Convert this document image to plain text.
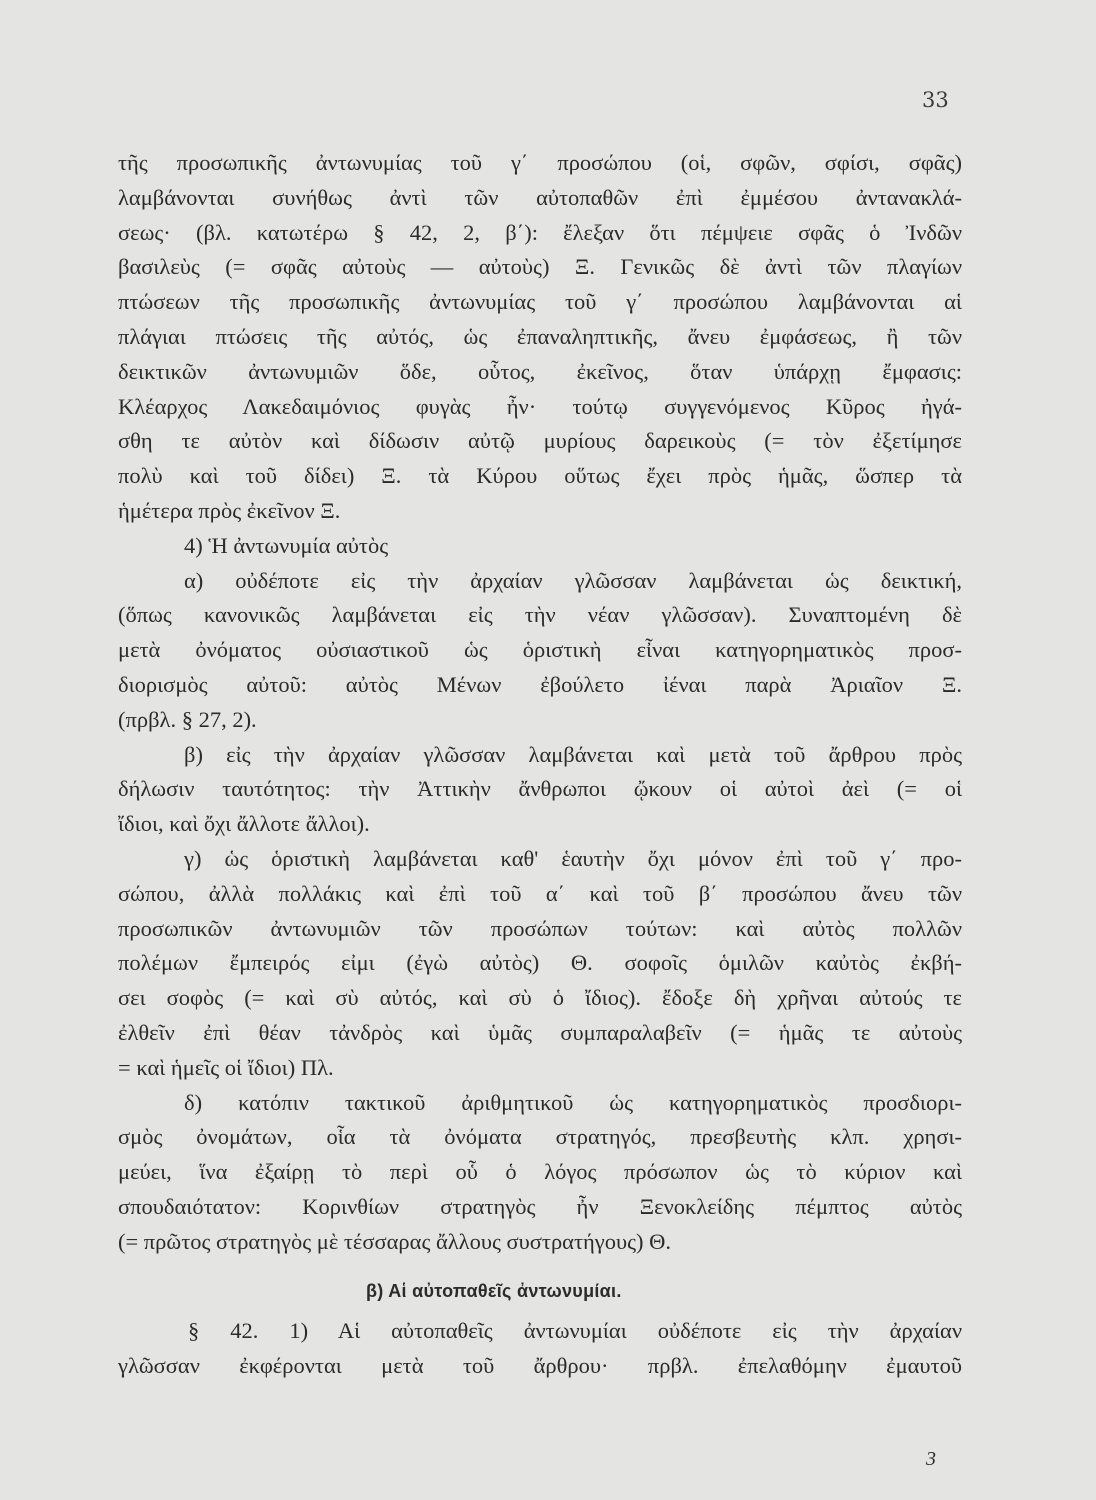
33
τῆς προσωπικῆς ἀντωνυμίας τοῦ γ΄ προσώπου (οἱ, σφῶν, σφίσι, σφᾶς)
λαμβάνονται συνήθως ἀντὶ τῶν αὐτοπαθῶν ἐπὶ ἐμμέσου ἀντανακλά-
σεως· (βλ. κατωτέρω § 42, 2, β΄): ἔλεξαν ὅτι πέμψειε σφᾶς ὁ Ἰνδῶν
βασιλεὺς (= σφᾶς αὐτοὺς — αὐτοὺς) Ξ. Γενικῶς δὲ ἀντὶ τῶν πλαγίων
πτώσεων τῆς προσωπικῆς ἀντωνυμίας τοῦ γ΄ προσώπου λαμβάνονται αἱ
πλάγιαι πτώσεις τῆς αὐτός, ὡς ἐπαναληπτικῆς, ἄνευ ἐμφάσεως, ἢ τῶν
δεικτικῶν ἀντωνυμιῶν ὅδε, οὗτος, ἐκεῖνος, ὅταν ὑπάρχῃ ἔμφασις:
Κλέαρχος Λακεδαιμόνιος φυγὰς ἦν· τούτῳ συγγενόμενος Κῦρος ἠγά-
σθη τε αὐτὸν καὶ δίδωσιν αὐτῷ μυρίους δαρεικοὺς (= τὸν ἐξετίμησε
πολὺ καὶ τοῦ δίδει) Ξ. τὰ Κύρου οὕτως ἔχει πρὸς ἡμᾶς, ὥσπερ τὰ
ἡμέτερα πρὸς ἐκεῖνον Ξ.
4) Ἡ ἀντωνυμία αὐτὸς
α) οὐδέποτε εἰς τὴν ἀρχαίαν γλῶσσαν λαμβάνεται ὡς δεικτική,
(ὅπως κανονικῶς λαμβάνεται εἰς τὴν νέαν γλῶσσαν). Συναπτομένη δὲ
μετὰ ὀνόματος οὐσιαστικοῦ ὡς ὁριστικὴ εἶναι κατηγορηματικὸς προσ-
διορισμὸς αὐτοῦ: αὐτὸς Μένων ἐβούλετο ἰέναι παρὰ Ἀριαῖον Ξ.
(πρβλ. § 27, 2).
β) εἰς τὴν ἀρχαίαν γλῶσσαν λαμβάνεται καὶ μετὰ τοῦ ἄρθρου πρὸς
δήλωσιν ταυτότητος: τὴν Ἀττικὴν ἄνθρωποι ᾤκουν οἱ αὐτοὶ ἀεὶ (= οἱ
ἴδιοι, καὶ ὄχι ἄλλοτε ἄλλοι).
γ) ὡς ὁριστικὴ λαμβάνεται καθ' ἑαυτὴν ὄχι μόνον ἐπὶ τοῦ γ΄ προ-
σώπου, ἀλλὰ πολλάκις καὶ ἐπὶ τοῦ α΄ καὶ τοῦ β΄ προσώπου ἄνευ τῶν
προσωπικῶν ἀντωνυμιῶν τῶν προσώπων τούτων: καὶ αὐτὸς πολλῶν
πολέμων ἔμπειρός εἰμι (ἐγὼ αὐτὸς) Θ. σοφοῖς ὁμιλῶν καὐτὸς ἐκβή-
σει σοφὸς (= καὶ σὺ αὐτός, καὶ σὺ ὁ ἴδιος). ἔδοξε δὴ χρῆναι αὐτούς τε
ἐλθεῖν ἐπὶ θέαν τἀνδρὸς καὶ ὑμᾶς συμπαραλαβεῖν (= ἡμᾶς τε αὐτοὺς
= καὶ ἡμεῖς οἱ ἴδιοι) Πλ.
δ) κατόπιν τακτικοῦ ἀριθμητικοῦ ὡς κατηγορηματικὸς προσδιορι-
σμὸς ὀνομάτων, οἷα τὰ ὀνόματα στρατηγός, πρεσβευτὴς κλπ. χρησι-
μεύει, ἵνα ἐξαίρῃ τὸ περὶ οὗ ὁ λόγος πρόσωπον ὡς τὸ κύριον καὶ
σπουδαιότατον: Κορινθίων στρατηγὸς ἦν Ξενοκλείδης πέμπτος αὐτὸς
(= πρῶτος στρατηγὸς μὲ τέσσαρας ἄλλους συστρατήγους) Θ.
β) Αἱ αὐτοπαθεῖς ἀντωνυμίαι.
§ 42. 1) Αἱ αὐτοπαθεῖς ἀντωνυμίαι οὐδέποτε εἰς τὴν ἀρχαίαν
γλῶσσαν ἐκφέρονται μετὰ τοῦ ἄρθρου· πρβλ. ἐπελαθόμην ἐμαυτοῦ
3
